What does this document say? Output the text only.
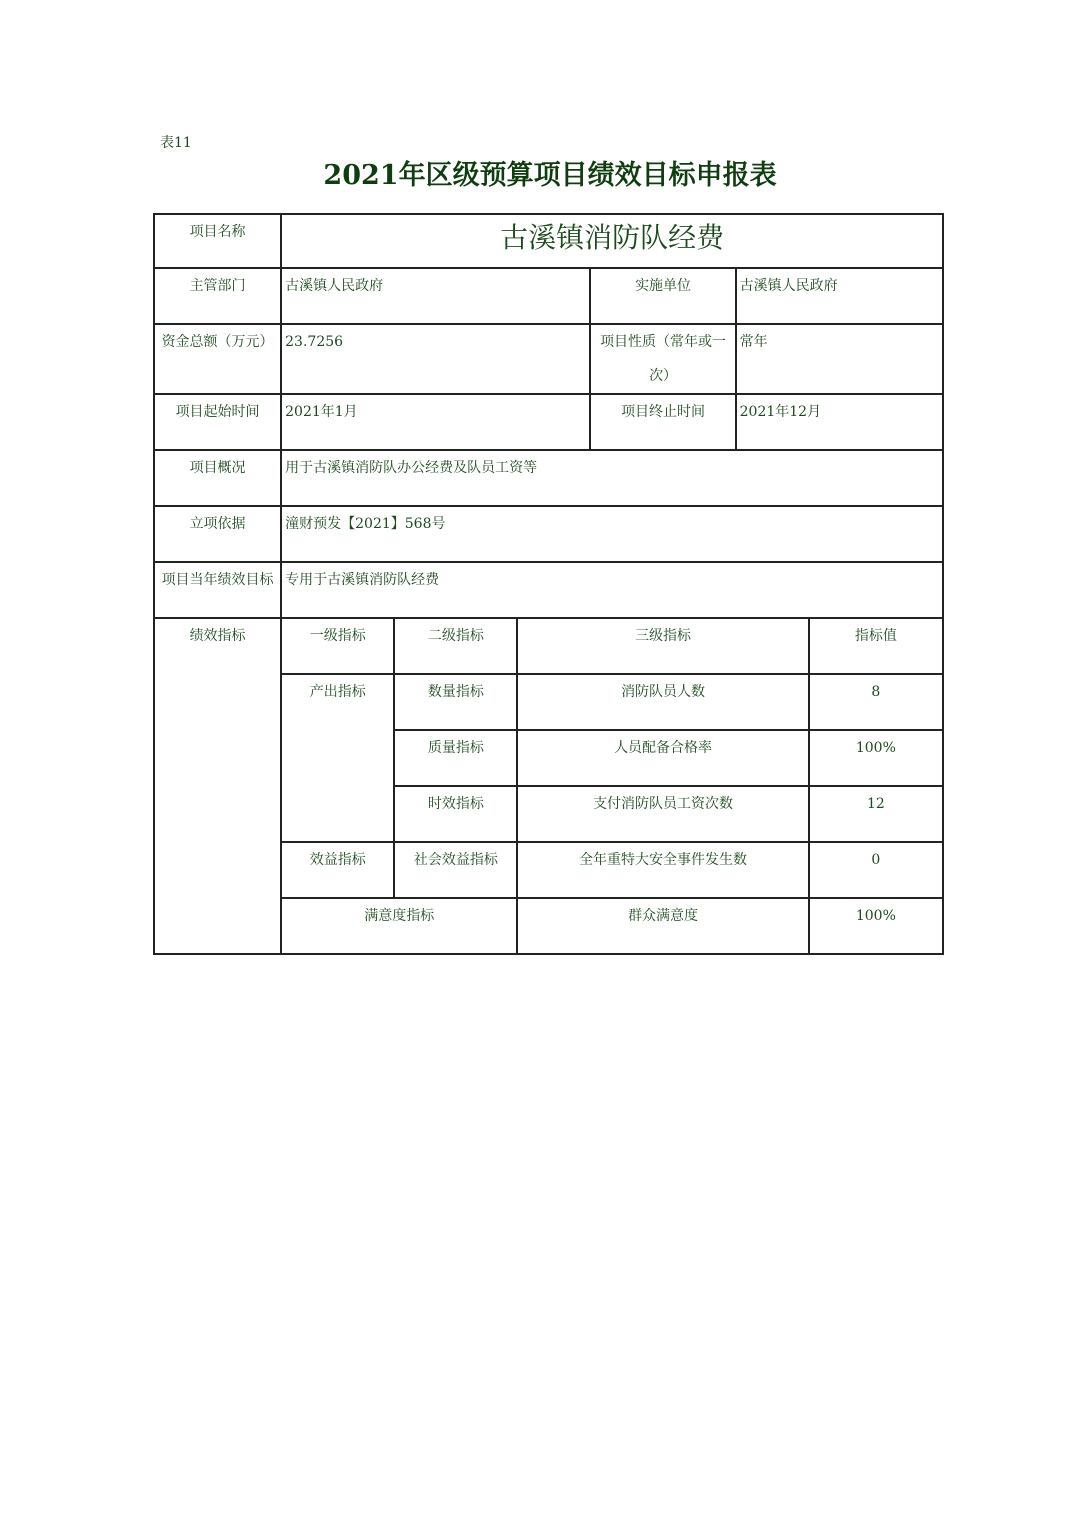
表11
2021年区级预算项目绩效目标申报表
项目名称	古溪镇消防队经费					
主管部门	古溪镇人民政府			实施单位	古溪镇人民政府	
资金总额（万元）	23.7256			项目性质（常年或一次）	常年	
项目起始时间	2021年1月			项目终止时间	2021年12月	
项目概况	用于古溪镇消防队办公经费及队员工资等					
立项依据	潼财预发【2021】568号					
项目当年绩效目标	专用于古溪镇消防队经费					
绩效指标	一级指标	二级指标	三级指标			指标值
	产出指标	数量指标	消防队员人数			8
		质量指标	人员配备合格率			100%
		时效指标	支付消防队员工资次数			12
	效益指标	社会效益指标	全年重特大安全事件发生数			0
	满意度指标		群众满意度			100%
